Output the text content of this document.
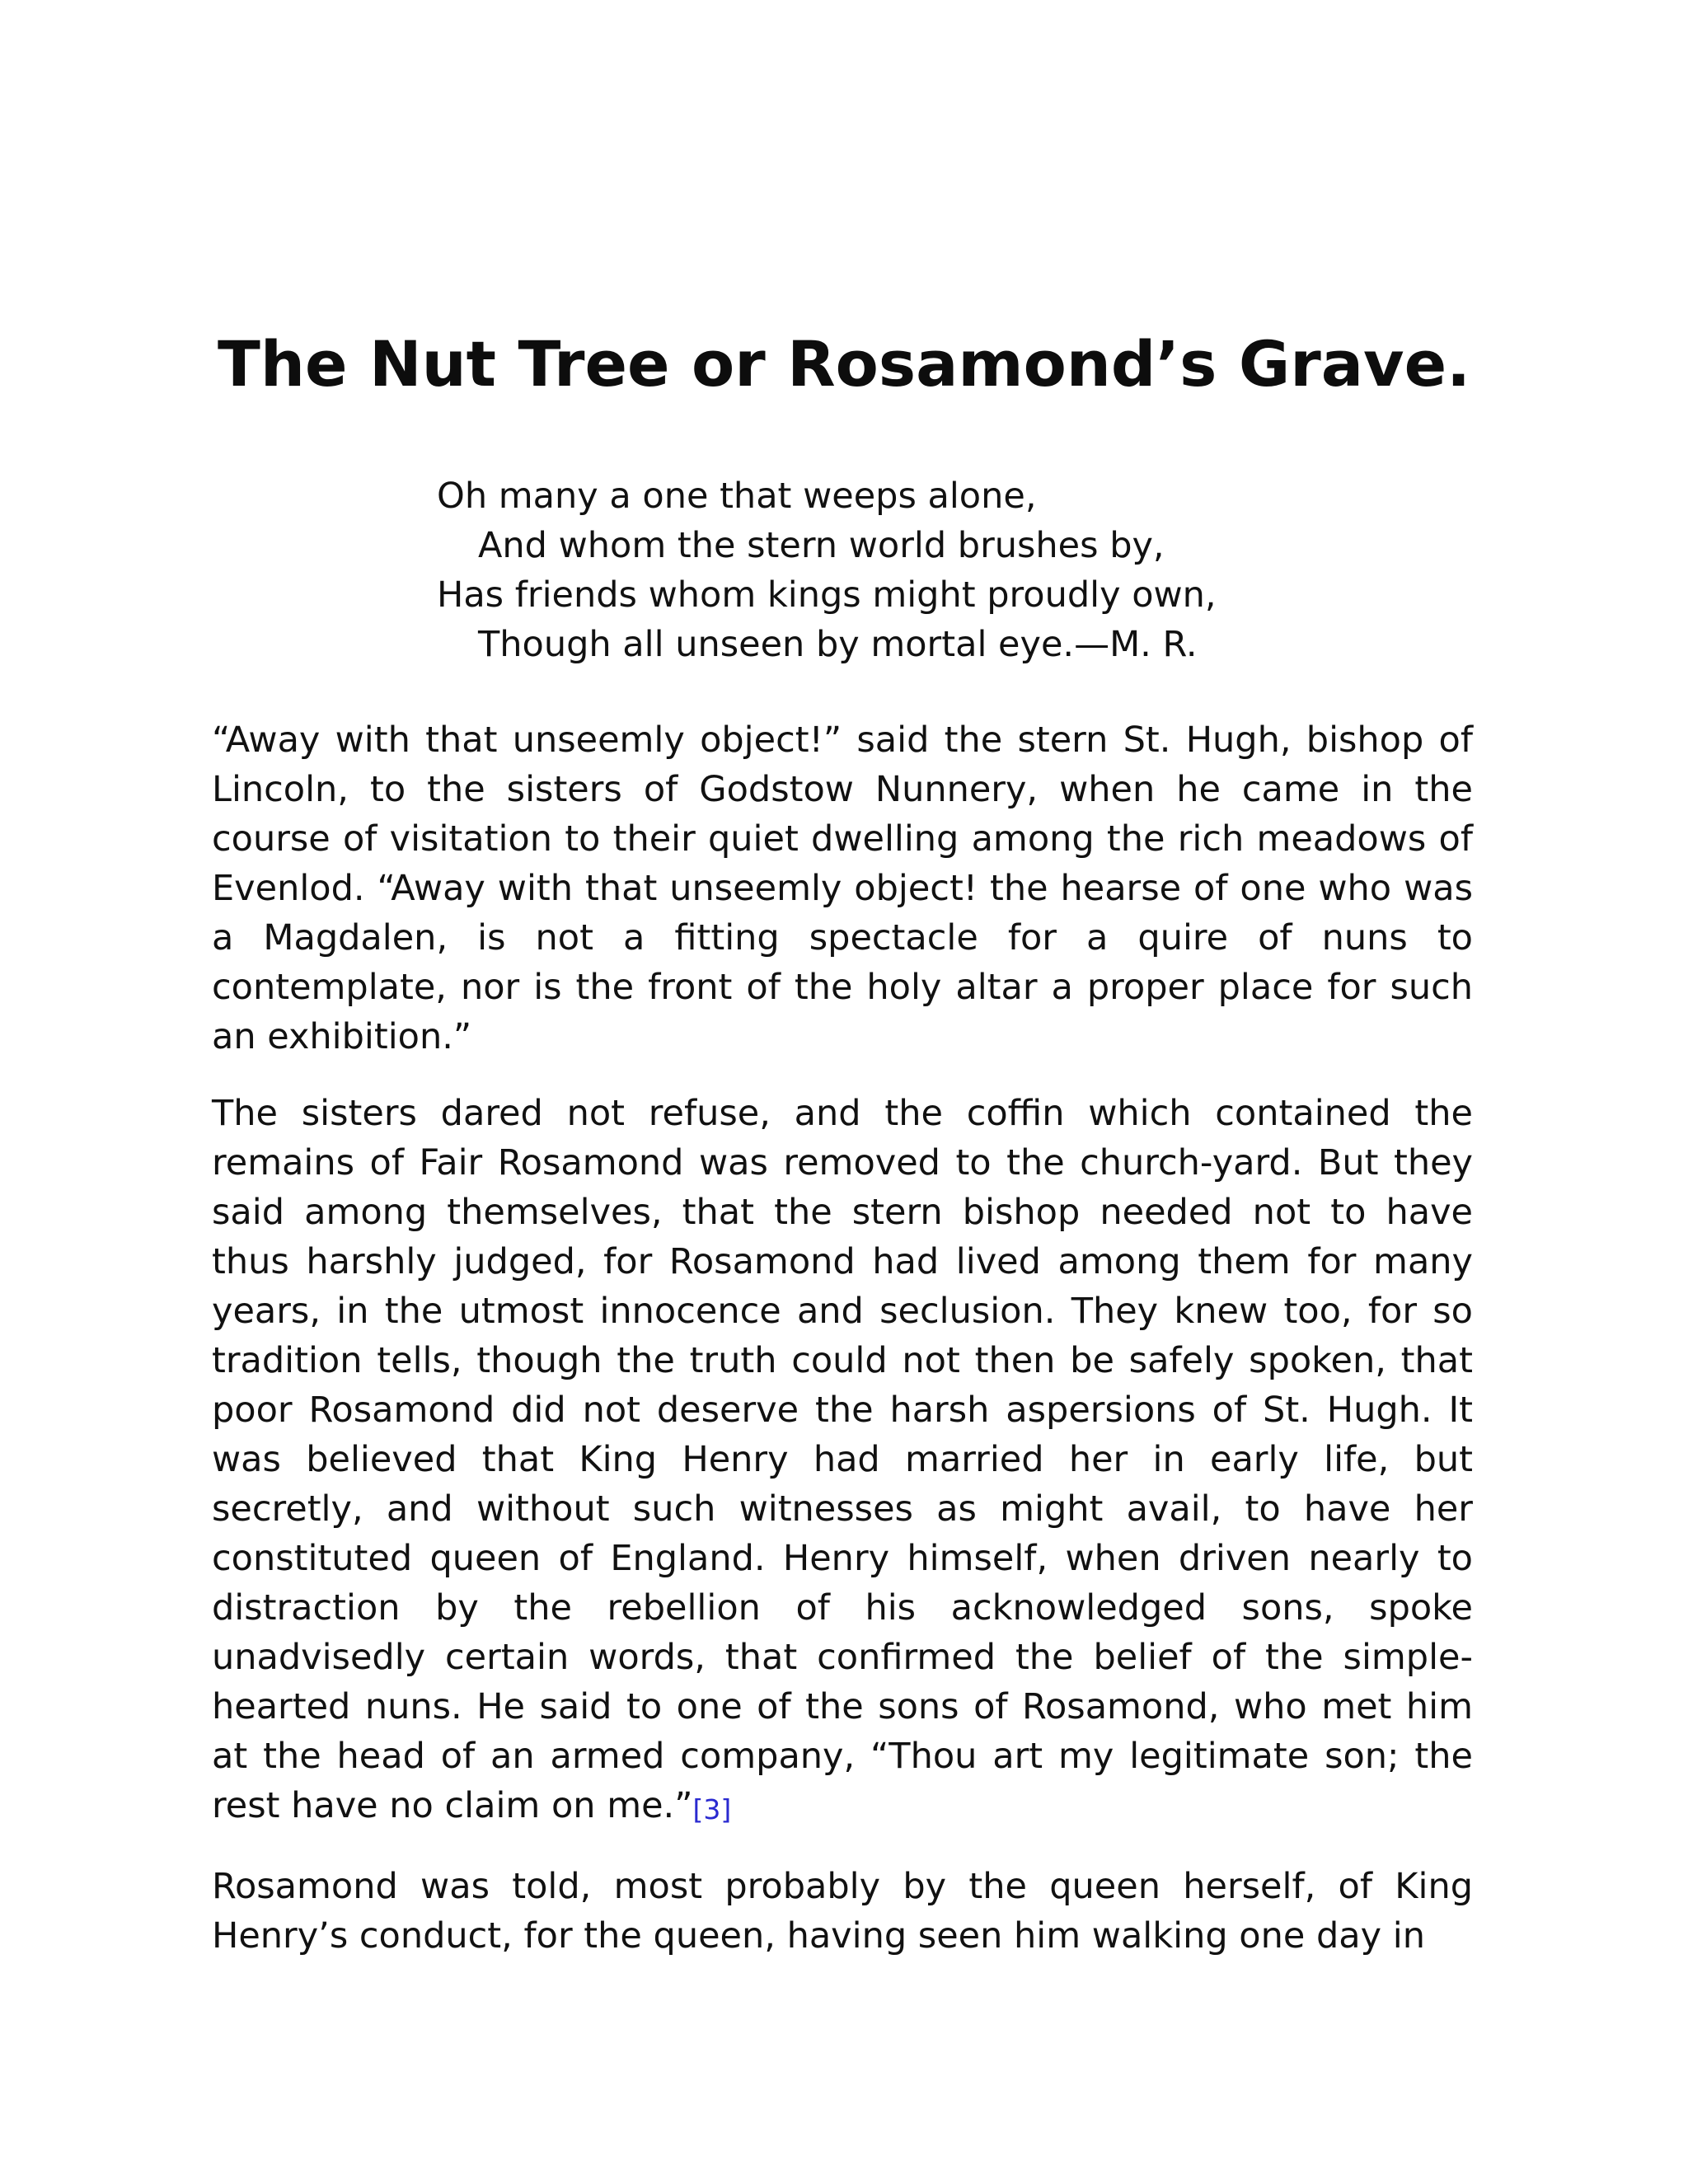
The Nut Tree or Rosamond’s Grave.
Oh many a one that weeps alone,
And whom the stern world brushes by,
Has friends whom kings might proudly own,
Though all unseen by mortal eye.—M. R.

“Away with that unseemly object!” said the stern St. Hugh, bishop of Lincoln, to the sisters of Godstow Nunnery, when he came in the course of visitation to their quiet dwelling among the rich meadows of Evenlod. “Away with that unseemly object! the hearse of one who was a Magdalen, is not a fitting spectacle for a quire of nuns to contemplate, nor is the front of the holy altar a proper place for such an exhibition.”

The sisters dared not refuse, and the coffin which contained the remains of Fair Rosamond was removed to the church-yard. But they said among themselves, that the stern bishop needed not to have thus harshly judged, for Rosamond had lived among them for many years, in the utmost innocence and seclusion. They knew too, for so tradition tells, though the truth could not then be safely spoken, that poor Rosamond did not deserve the harsh aspersions of St. Hugh. It was believed that King Henry had married her in early life, but secretly, and without such witnesses as might avail, to have her constituted queen of England. Henry himself, when driven nearly to distraction by the rebellion of his acknowledged sons, spoke unadvisedly certain words, that confirmed the belief of the simple-hearted nuns. He said to one of the sons of Rosamond, who met him at the head of an armed company, “Thou art my legitimate son; the rest have no claim on me.”[3]

Rosamond was told, most probably by the queen herself, of King Henry’s conduct, for the queen, having seen him walking one day in
